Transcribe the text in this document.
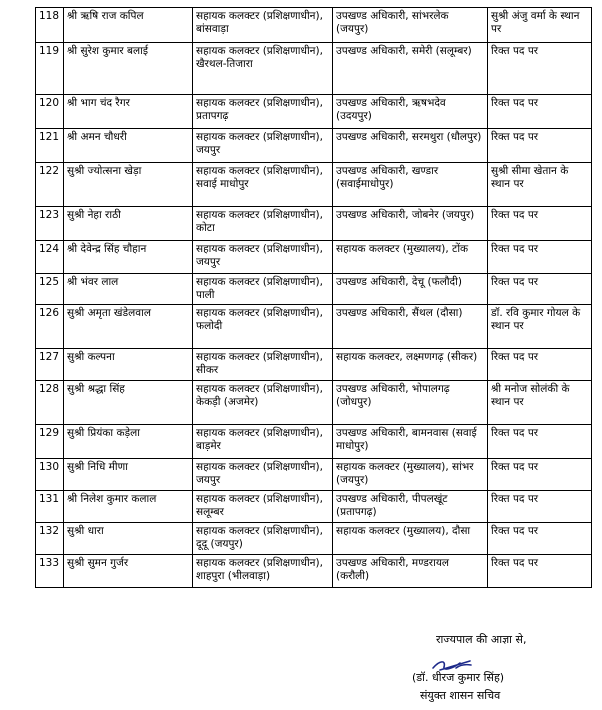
118	श्री ऋषि राज कपिल	सहायक कलक्टर (प्रशिक्षणाधीन), बांसवाड़ा	उपखण्ड अधिकारी, सांभरलेक (जयपुर)	सुश्री अंजु वर्मा के स्थान पर
119	श्री सुरेश कुमार बलाई	सहायक कलक्टर (प्रशिक्षणाधीन), खैरथल-तिजारा	उपखण्ड अधिकारी, समेरी (सलूम्बर)	रिक्त पद पर
120	श्री भाग चंद रैगर	सहायक कलक्टर (प्रशिक्षणाधीन), प्रतापगढ़	उपखण्ड अधिकारी, ऋषभदेव (उदयपुर)	रिक्त पद पर
121	श्री अमन चौधरी	सहायक कलक्टर (प्रशिक्षणाधीन), जयपुर	उपखण्ड अधिकारी, सरमथुरा (धौलपुर)	रिक्त पद पर
122	सुश्री ज्योत्सना खेड़ा	सहायक कलक्टर (प्रशिक्षणाधीन), सवाई माधोपुर	उपखण्ड अधिकारी, खण्डार (सवाईमाधोपुर)	सुश्री सीमा खेतान के स्थान पर
123	सुश्री नेहा राठी	सहायक कलक्टर (प्रशिक्षणाधीन), कोटा	उपखण्ड अधिकारी, जोबनेर (जयपुर)	रिक्त पद पर
124	श्री देवेन्द्र सिंह चौहान	सहायक कलक्टर (प्रशिक्षणाधीन), जयपुर	सहायक कलक्टर (मुख्यालय), टोंक	रिक्त पद पर
125	श्री भंवर लाल	सहायक कलक्टर (प्रशिक्षणाधीन), पाली	उपखण्ड अधिकारी, देचू (फलौदी)	रिक्त पद पर
126	सुश्री अमृता खंडेलवाल	सहायक कलक्टर (प्रशिक्षणाधीन), फलोदी	उपखण्ड अधिकारी, सैंथल (दौसा)	डॉ. रवि कुमार गोयल के स्थान पर
127	सुश्री कल्पना	सहायक कलक्टर (प्रशिक्षणाधीन), सीकर	सहायक कलक्टर, लक्ष्मणगढ़ (सीकर)	रिक्त पद पर
128	सुश्री श्रद्धा सिंह	सहायक कलक्टर (प्रशिक्षणाधीन), केकड़ी (अजमेर)	उपखण्ड अधिकारी, भोपालगढ़ (जोधपुर)	श्री मनोज सोलंकी के स्थान पर
129	सुश्री प्रियंका कड़ेला	सहायक कलक्टर (प्रशिक्षणाधीन), बाड़मेर	उपखण्ड अधिकारी, बामनवास (सवाई माधोपुर)	रिक्त पद पर
130	सुश्री निधि मीणा	सहायक कलक्टर (प्रशिक्षणाधीन), जयपुर	सहायक कलक्टर (मुख्यालय), सांभर (जयपुर)	रिक्त पद पर
131	श्री निलेश कुमार कलाल	सहायक कलक्टर (प्रशिक्षणाधीन), सलूम्बर	उपखण्ड अधिकारी, पीपलखूंट (प्रतापगढ़)	रिक्त पद पर
132	सुश्री धारा	सहायक कलक्टर (प्रशिक्षणाधीन), दूदू (जयपुर)	सहायक कलक्टर (मुख्यालय), दौसा	रिक्त पद पर
133	सुश्री सुमन गुर्जर	सहायक कलक्टर (प्रशिक्षणाधीन), शाहपुरा (भीलवाड़ा)	उपखण्ड अधिकारी, मण्डरायल (करौली)	रिक्त पद पर
राज्यपाल की आज्ञा से,
(डॉ. धीरज कुमार सिंह)
संयुक्त शासन सचिव
